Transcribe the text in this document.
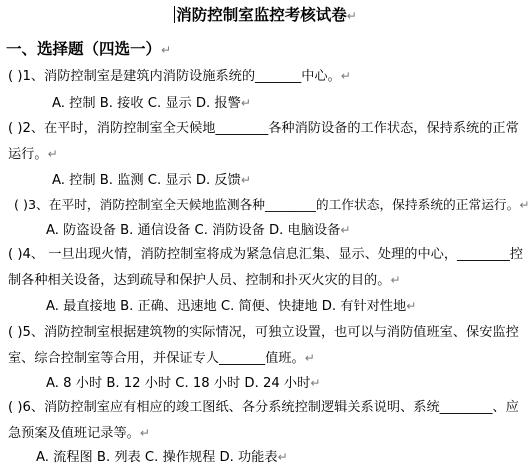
消防控制室监控考核试卷↵
一、选择题（四选一）↵
( )1、消防控制室是建筑内消防设施系统的_______中心。↵
A. 控制 B. 接收 C. 显示 D. 报警↵
( )2、在平时，消防控制室全天候地________各种消防设备的工作状态，保持系统的正常
运行。↵
A. 控制 B. 监测 C. 显示 D. 反馈↵
( )3、在平时，消防控制室全天候地监测各种________的工作状态，保持系统的正常运行。↵
A. 防盗设备 B. 通信设备 C. 消防设备 D. 电脑设备↵
( )4、 一旦出现火情，消防控制室将成为紧急信息汇集、显示、处理的中心，________控
制各种相关设备，达到疏导和保护人员、控制和扑灭火灾的目的。↵
A. 最直接地 B. 正确、迅速地 C. 简便、快捷地 D. 有针对性地↵
( )5、消防控制室根据建筑物的实际情况，可独立设置，也可以与消防值班室、保安监控
室、综合控制室等合用，并保证专人_______值班。↵
A. 8 小时 B. 12 小时 C. 18 小时 D. 24 小时↵
( )6、消防控制室应有相应的竣工图纸、各分系统控制逻辑关系说明、系统________、应
急预案及值班记录等。↵
A. 流程图 B. 列表 C. 操作规程 D. 功能表↵
